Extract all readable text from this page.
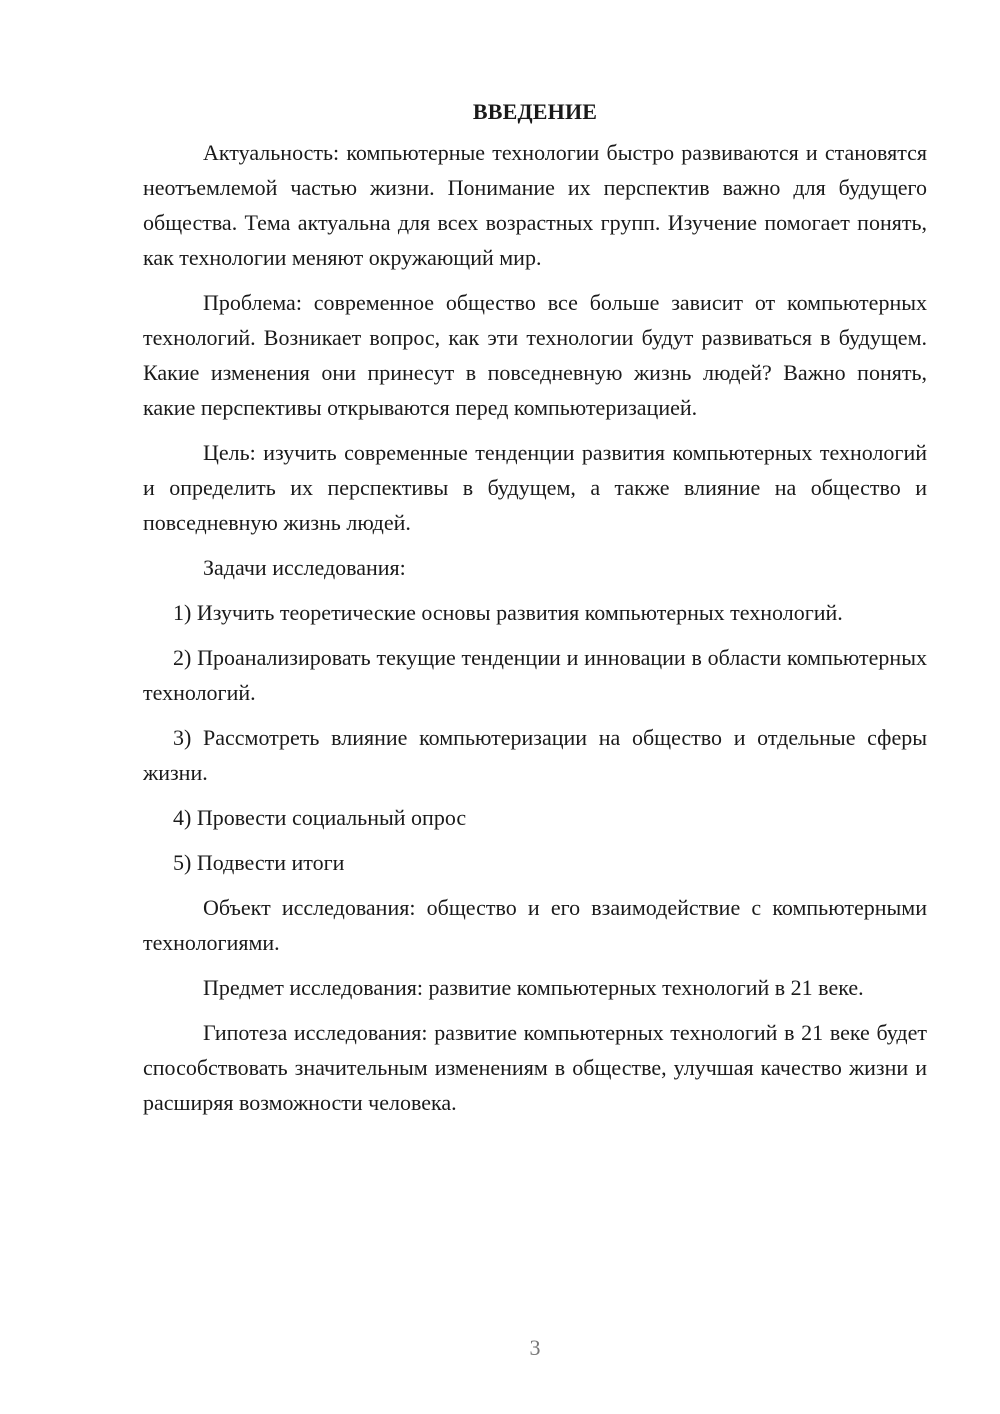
ВВЕДЕНИЕ

Актуальность: компьютерные технологии быстро развиваются и становятся неотъемлемой частью жизни. Понимание их перспектив важно для будущего общества. Тема актуальна для всех возрастных групп. Изучение помогает понять, как технологии меняют окружающий мир.

Проблема: современное общество все больше зависит от компьютерных технологий. Возникает вопрос, как эти технологии будут развиваться в будущем. Какие изменения они принесут в повседневную жизнь людей? Важно понять, какие перспективы открываются перед компьютеризацией.

Цель: изучить современные тенденции развития компьютерных технологий и определить их перспективы в будущем, а также влияние на общество и повседневную жизнь людей.

Задачи исследования:

1) Изучить теоретические основы развития компьютерных технологий.

2) Проанализировать текущие тенденции и инновации в области компьютерных технологий.

3) Рассмотреть влияние компьютеризации на общество и отдельные сферы жизни.

4) Провести социальный опрос

5) Подвести итоги

Объект исследования: общество и его взаимодействие с компьютерными технологиями.

Предмет исследования: развитие компьютерных технологий в 21 веке.

Гипотеза исследования: развитие компьютерных технологий в 21 веке будет способствовать значительным изменениям в обществе, улучшая качество жизни и расширяя возможности человека.

3
